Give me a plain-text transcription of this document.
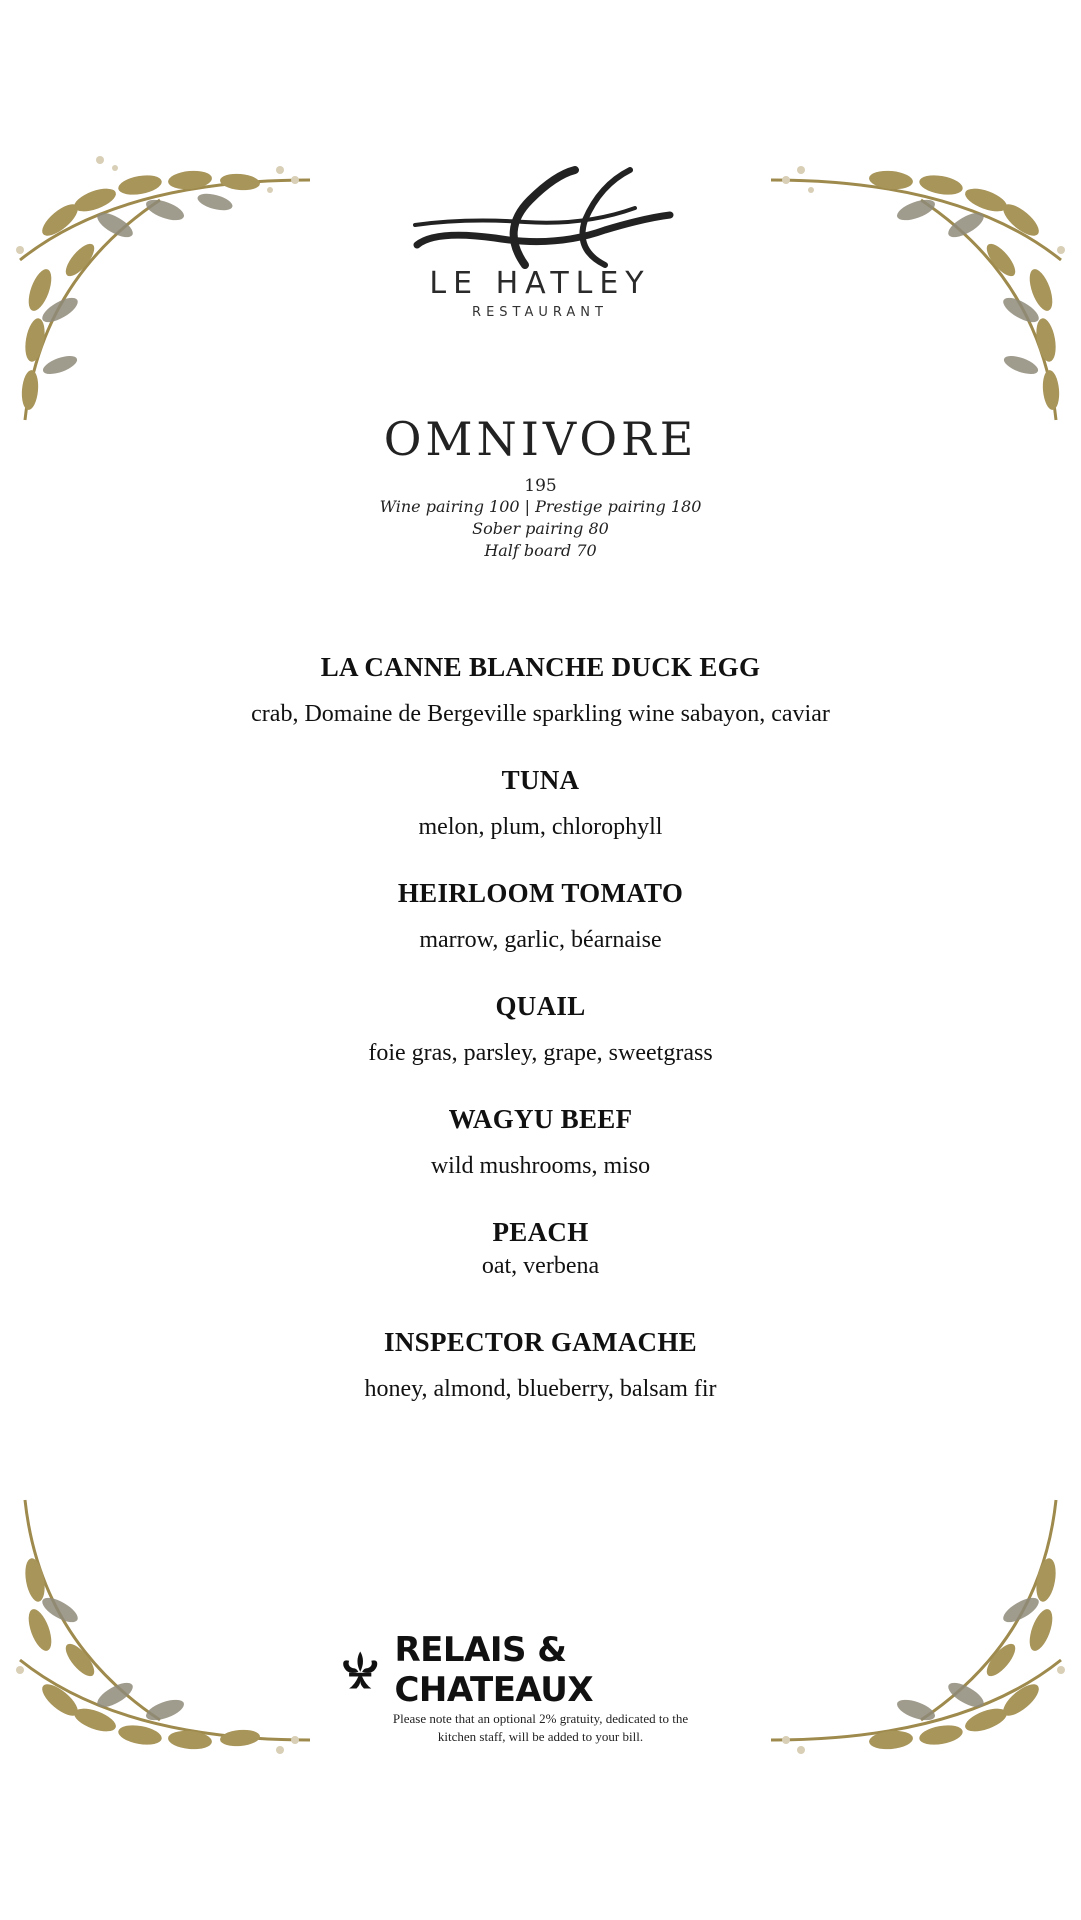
LE HATLEY
RESTAURANT
OMNIVORE
195
Wine pairing 100 | Prestige pairing 180
Sober pairing 80
Half board 70
LA CANNE BLANCHE DUCK EGG
crab, Domaine de Bergeville sparkling wine sabayon, caviar
TUNA
melon, plum, chlorophyll
HEIRLOOM TOMATO
marrow, garlic, béarnaise
QUAIL
foie gras, parsley, grape, sweetgrass
WAGYU BEEF
wild mushrooms, miso
PEACH
oat, verbena
INSPECTOR GAMACHE
honey, almond, blueberry, balsam fir
RELAIS & CHATEAUX
Please note that an optional 2% gratuity, dedicated to the
kitchen staff, will be added to your bill.
